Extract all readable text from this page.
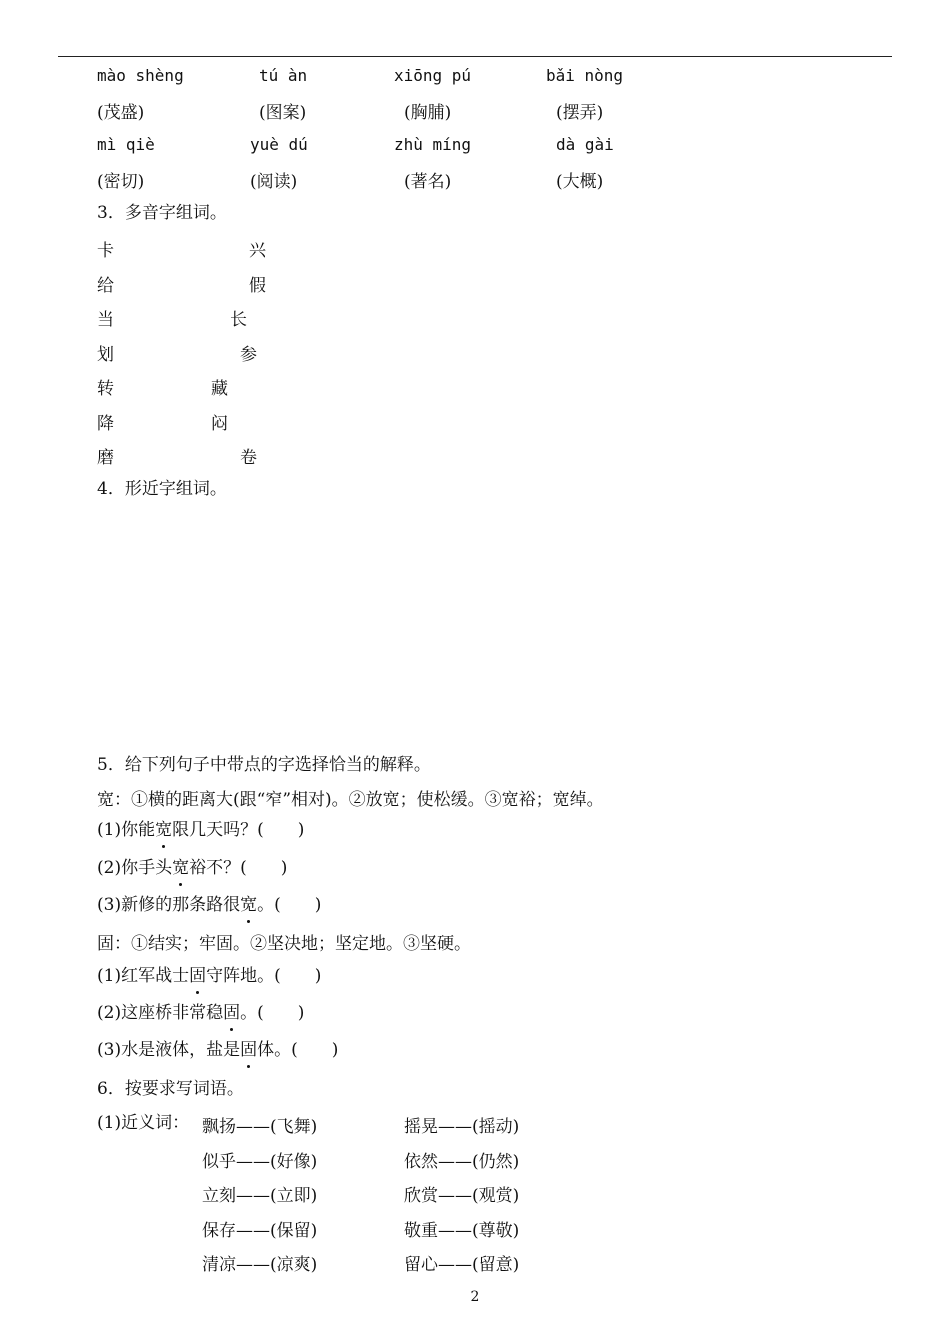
mào shèng	tú àn	xiōng pú	bǎi nòng
(茂盛)	(图案)	(胸脯)	(摆弄)
mì qiè	yuè dú	zhù míng	dà gài
(密切)	(阅读)	(著名)	(大概)
3．多音字组词。
卡	兴
给	假
当	长
划	参
转	藏
降	闷
磨	卷
4．形近字组词。
5．给下列句子中带点的字选择恰当的解释。
宽：①横的距离大(跟“窄”相对)。②放宽；使松缓。③宽裕；宽绰。
(1)你能宽限几天吗？(　　)
(2)你手头宽裕不？(　　)
(3)新修的那条路很宽。(　　)
固：①结实；牢固。②坚决地；坚定地。③坚硬。
(1)红军战士固守阵地。(　　)
(2)这座桥非常稳固。(　　)
(3)水是液体，盐是固体。(　　)
6．按要求写词语。
(1)近义词： 飘扬——(飞舞)	摇晃——(摇动)
似乎——(好像)	依然——(仍然)
立刻——(立即)	欣赏——(观赏)
保存——(保留)	敬重——(尊敬)
清凉——(凉爽)	留心——(留意)
2
